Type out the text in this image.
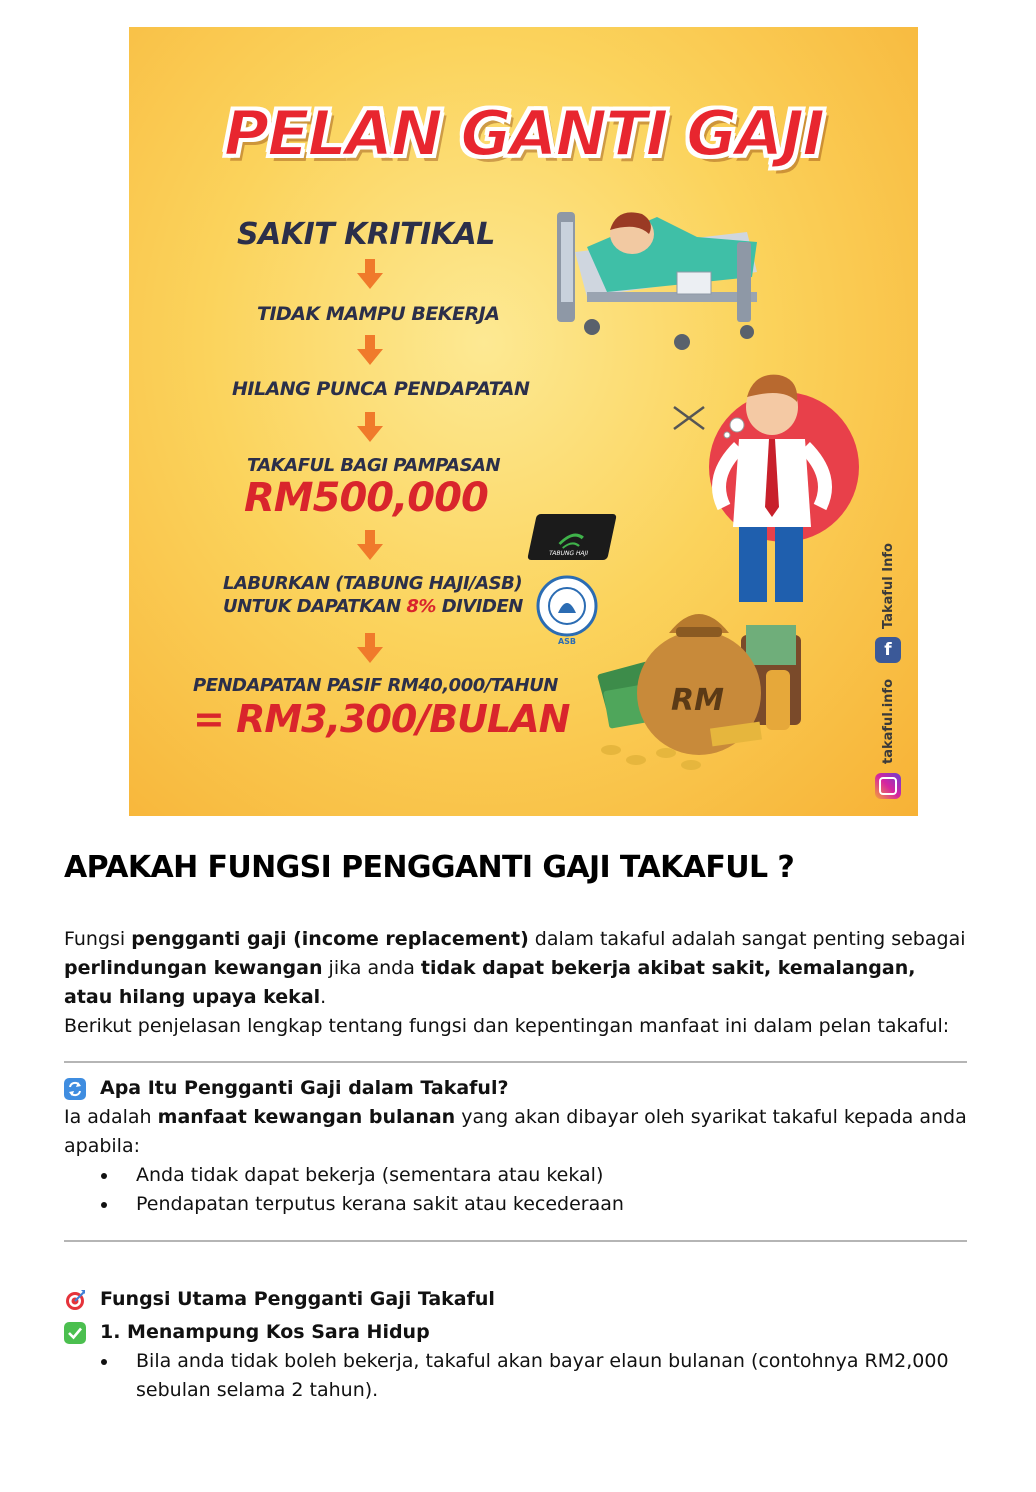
PELAN GANTI GAJI
SAKIT KRITIKAL
TIDAK MAMPU BEKERJA
HILANG PUNCA PENDAPATAN
TAKAFUL BAGI PAMPASAN
RM500,000
LABURKAN (TABUNG HAJI/ASB)
UNTUK DAPATKAN 8% DIVIDEN
PENDAPATAN PASIF RM40,000/TAHUN
= RM3,300/BULAN
TABUNG HAJI
ASB
RM
Takaful Info
f
takaful.info
APAKAH FUNGSI PENGGANTI GAJI TAKAFUL ?
Fungsi pengganti gaji (income replacement) dalam takaful adalah sangat penting sebagai perlindungan kewangan jika anda tidak dapat bekerja akibat sakit, kemalangan, atau hilang upaya kekal.
Berikut penjelasan lengkap tentang fungsi dan kepentingan manfaat ini dalam pelan takaful:
Apa Itu Pengganti Gaji dalam Takaful?
Ia adalah manfaat kewangan bulanan yang akan dibayar oleh syarikat takaful kepada anda apabila:
Anda tidak dapat bekerja (sementara atau kekal)
Pendapatan terputus kerana sakit atau kecederaan
Fungsi Utama Pengganti Gaji Takaful
1. Menampung Kos Sara Hidup
Bila anda tidak boleh bekerja, takaful akan bayar elaun bulanan (contohnya RM2,000 sebulan selama 2 tahun).
